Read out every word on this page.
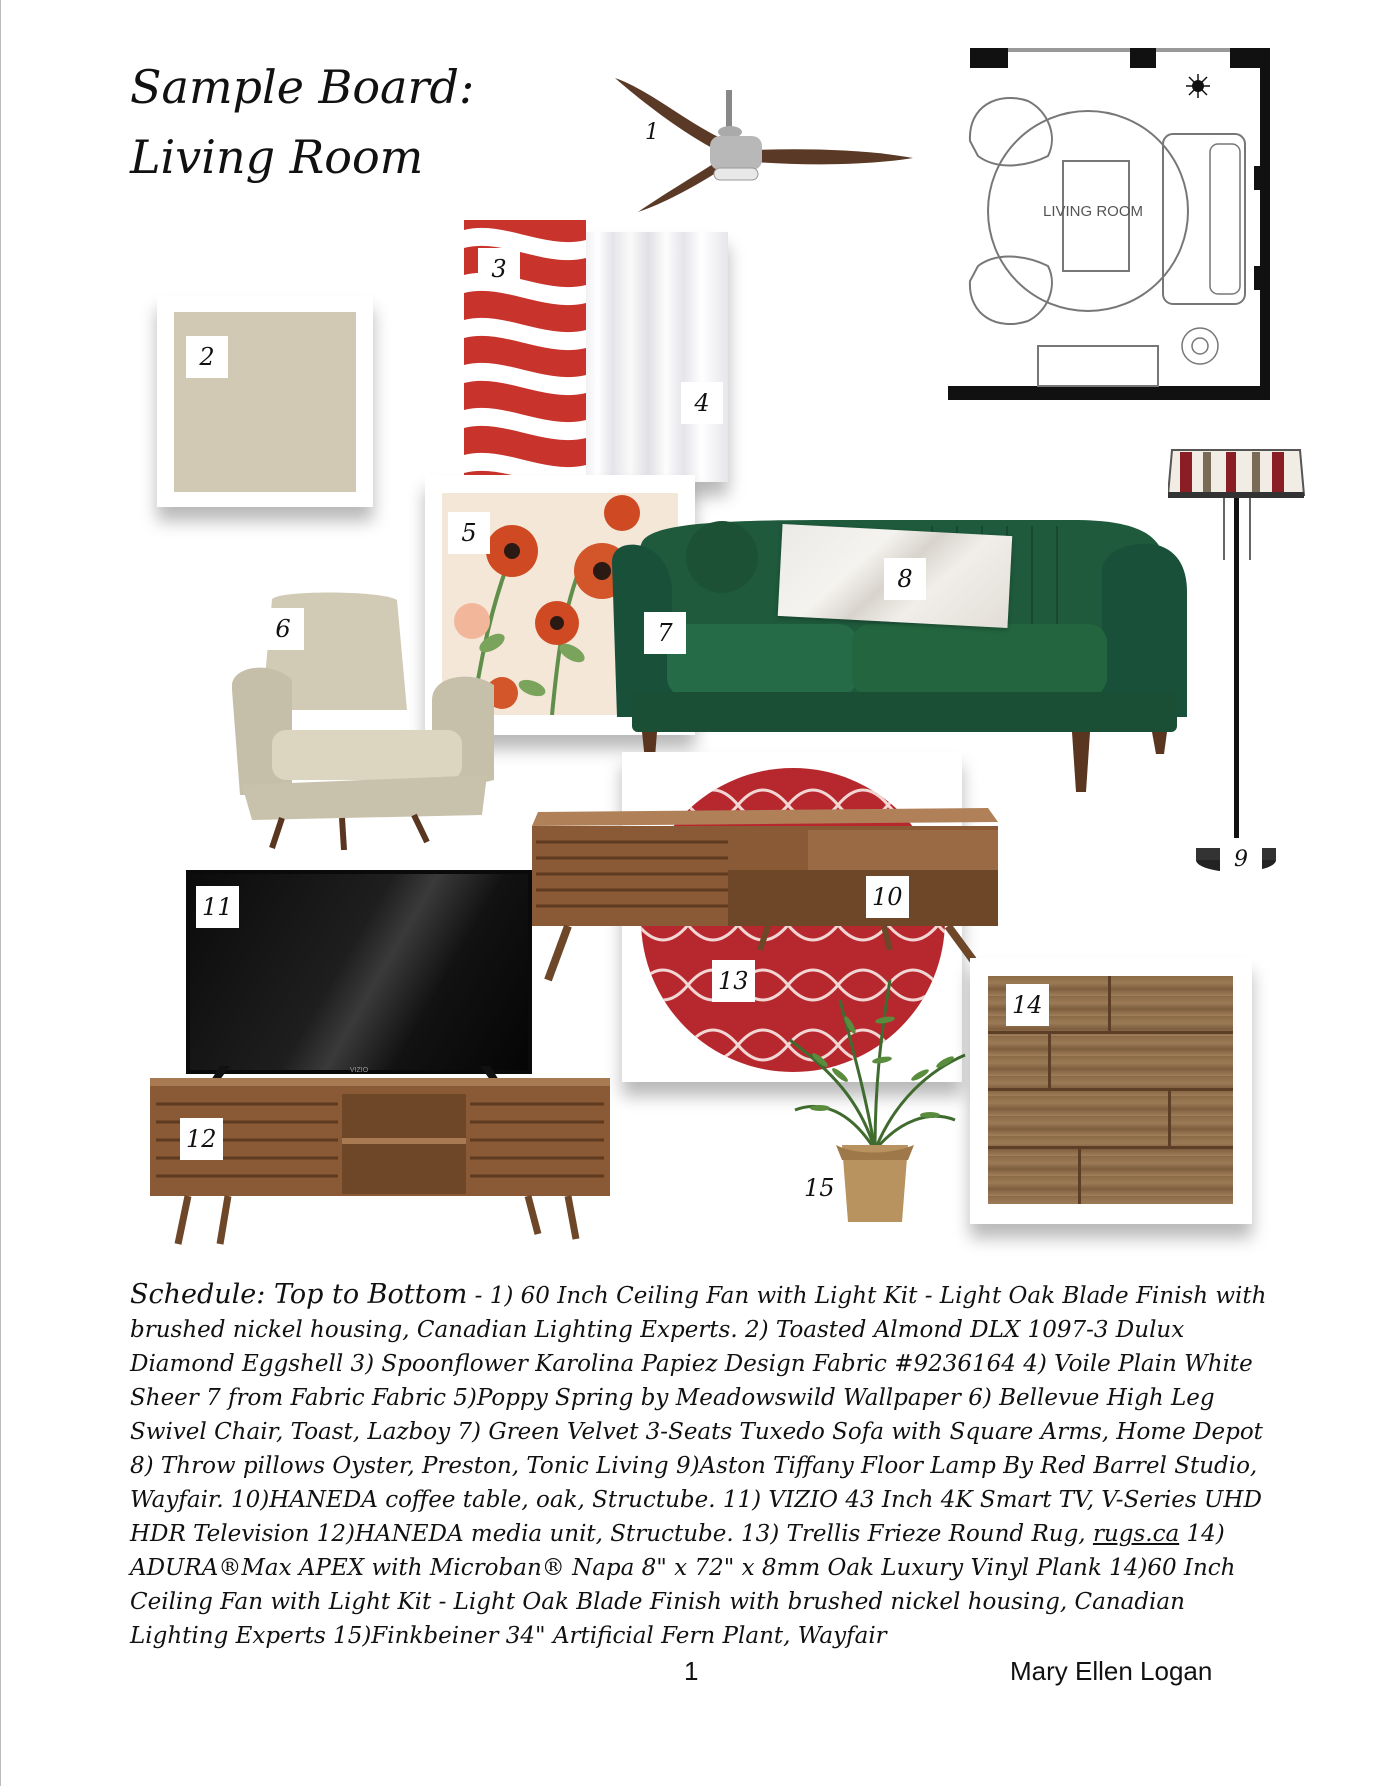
Sample Board:
Living Room	1
LIVING ROOM
2
4
3
5
7
8
9
6
13
10
VIZIO
11
12
15
14
Schedule: Top to Bottom - 1) 60 Inch Ceiling Fan with Light Kit - Light Oak Blade Finish with brushed nickel housing, Canadian Lighting Experts. 2) Toasted Almond DLX 1097-3 Dulux Diamond Eggshell 3) Spoonflower Karolina Papiez Design Fabric #9236164 4) Voile Plain White Sheer 7 from Fabric Fabric 5)Poppy Spring by Meadowswild Wallpaper 6) Bellevue High Leg Swivel Chair, Toast, Lazboy 7) Green Velvet 3-Seats Tuxedo Sofa with Square Arms, Home Depot 8) Throw pillows Oyster, Preston, Tonic Living 9)Aston Tiffany Floor Lamp By Red Barrel Studio, Wayfair. 10)HANEDA coffee table, oak, Structube. 11) VIZIO 43 Inch 4K Smart TV, V-Series UHD HDR Television 12)HANEDA media unit, Structube. 13) Trellis Frieze Round Rug, rugs.ca 14) ADURA®Max APEX with Microban® Napa 8" x 72" x 8mm Oak Luxury Vinyl Plank 14)60 Inch Ceiling Fan with Light Kit - Light Oak Blade Finish with brushed nickel housing, Canadian Lighting Experts 15)Finkbeiner 34" Artificial Fern Plant, Wayfair
1	Mary Ellen Logan
